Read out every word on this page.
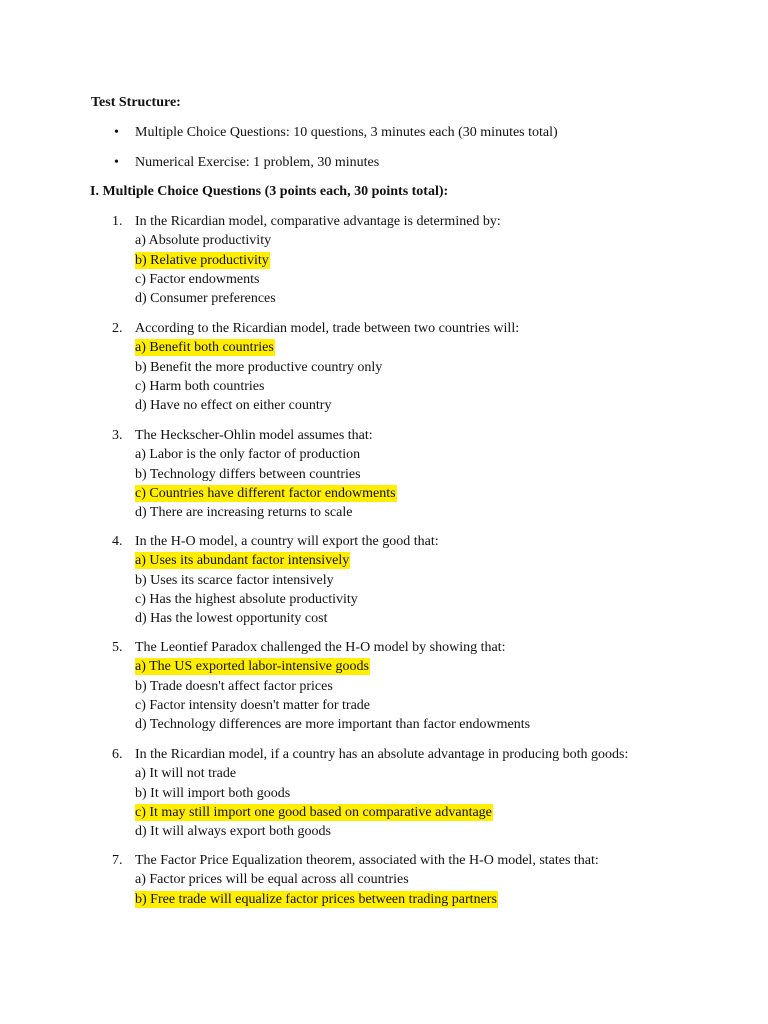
Test Structure:
• Multiple Choice Questions: 10 questions, 3 minutes each (30 minutes total)
• Numerical Exercise: 1 problem, 30 minutes
I. Multiple Choice Questions (3 points each, 30 points total):
1. In the Ricardian model, comparative advantage is determined by:
a) Absolute productivity
b) Relative productivity
c) Factor endowments
d) Consumer preferences
2. According to the Ricardian model, trade between two countries will:
a) Benefit both countries
b) Benefit the more productive country only
c) Harm both countries
d) Have no effect on either country
3. The Heckscher-Ohlin model assumes that:
a) Labor is the only factor of production
b) Technology differs between countries
c) Countries have different factor endowments
d) There are increasing returns to scale
4. In the H-O model, a country will export the good that:
a) Uses its abundant factor intensively
b) Uses its scarce factor intensively
c) Has the highest absolute productivity
d) Has the lowest opportunity cost
5. The Leontief Paradox challenged the H-O model by showing that:
a) The US exported labor-intensive goods
b) Trade doesn't affect factor prices
c) Factor intensity doesn't matter for trade
d) Technology differences are more important than factor endowments
6. In the Ricardian model, if a country has an absolute advantage in producing both goods:
a) It will not trade
b) It will import both goods
c) It may still import one good based on comparative advantage
d) It will always export both goods
7. The Factor Price Equalization theorem, associated with the H-O model, states that:
a) Factor prices will be equal across all countries
b) Free trade will equalize factor prices between trading partners
